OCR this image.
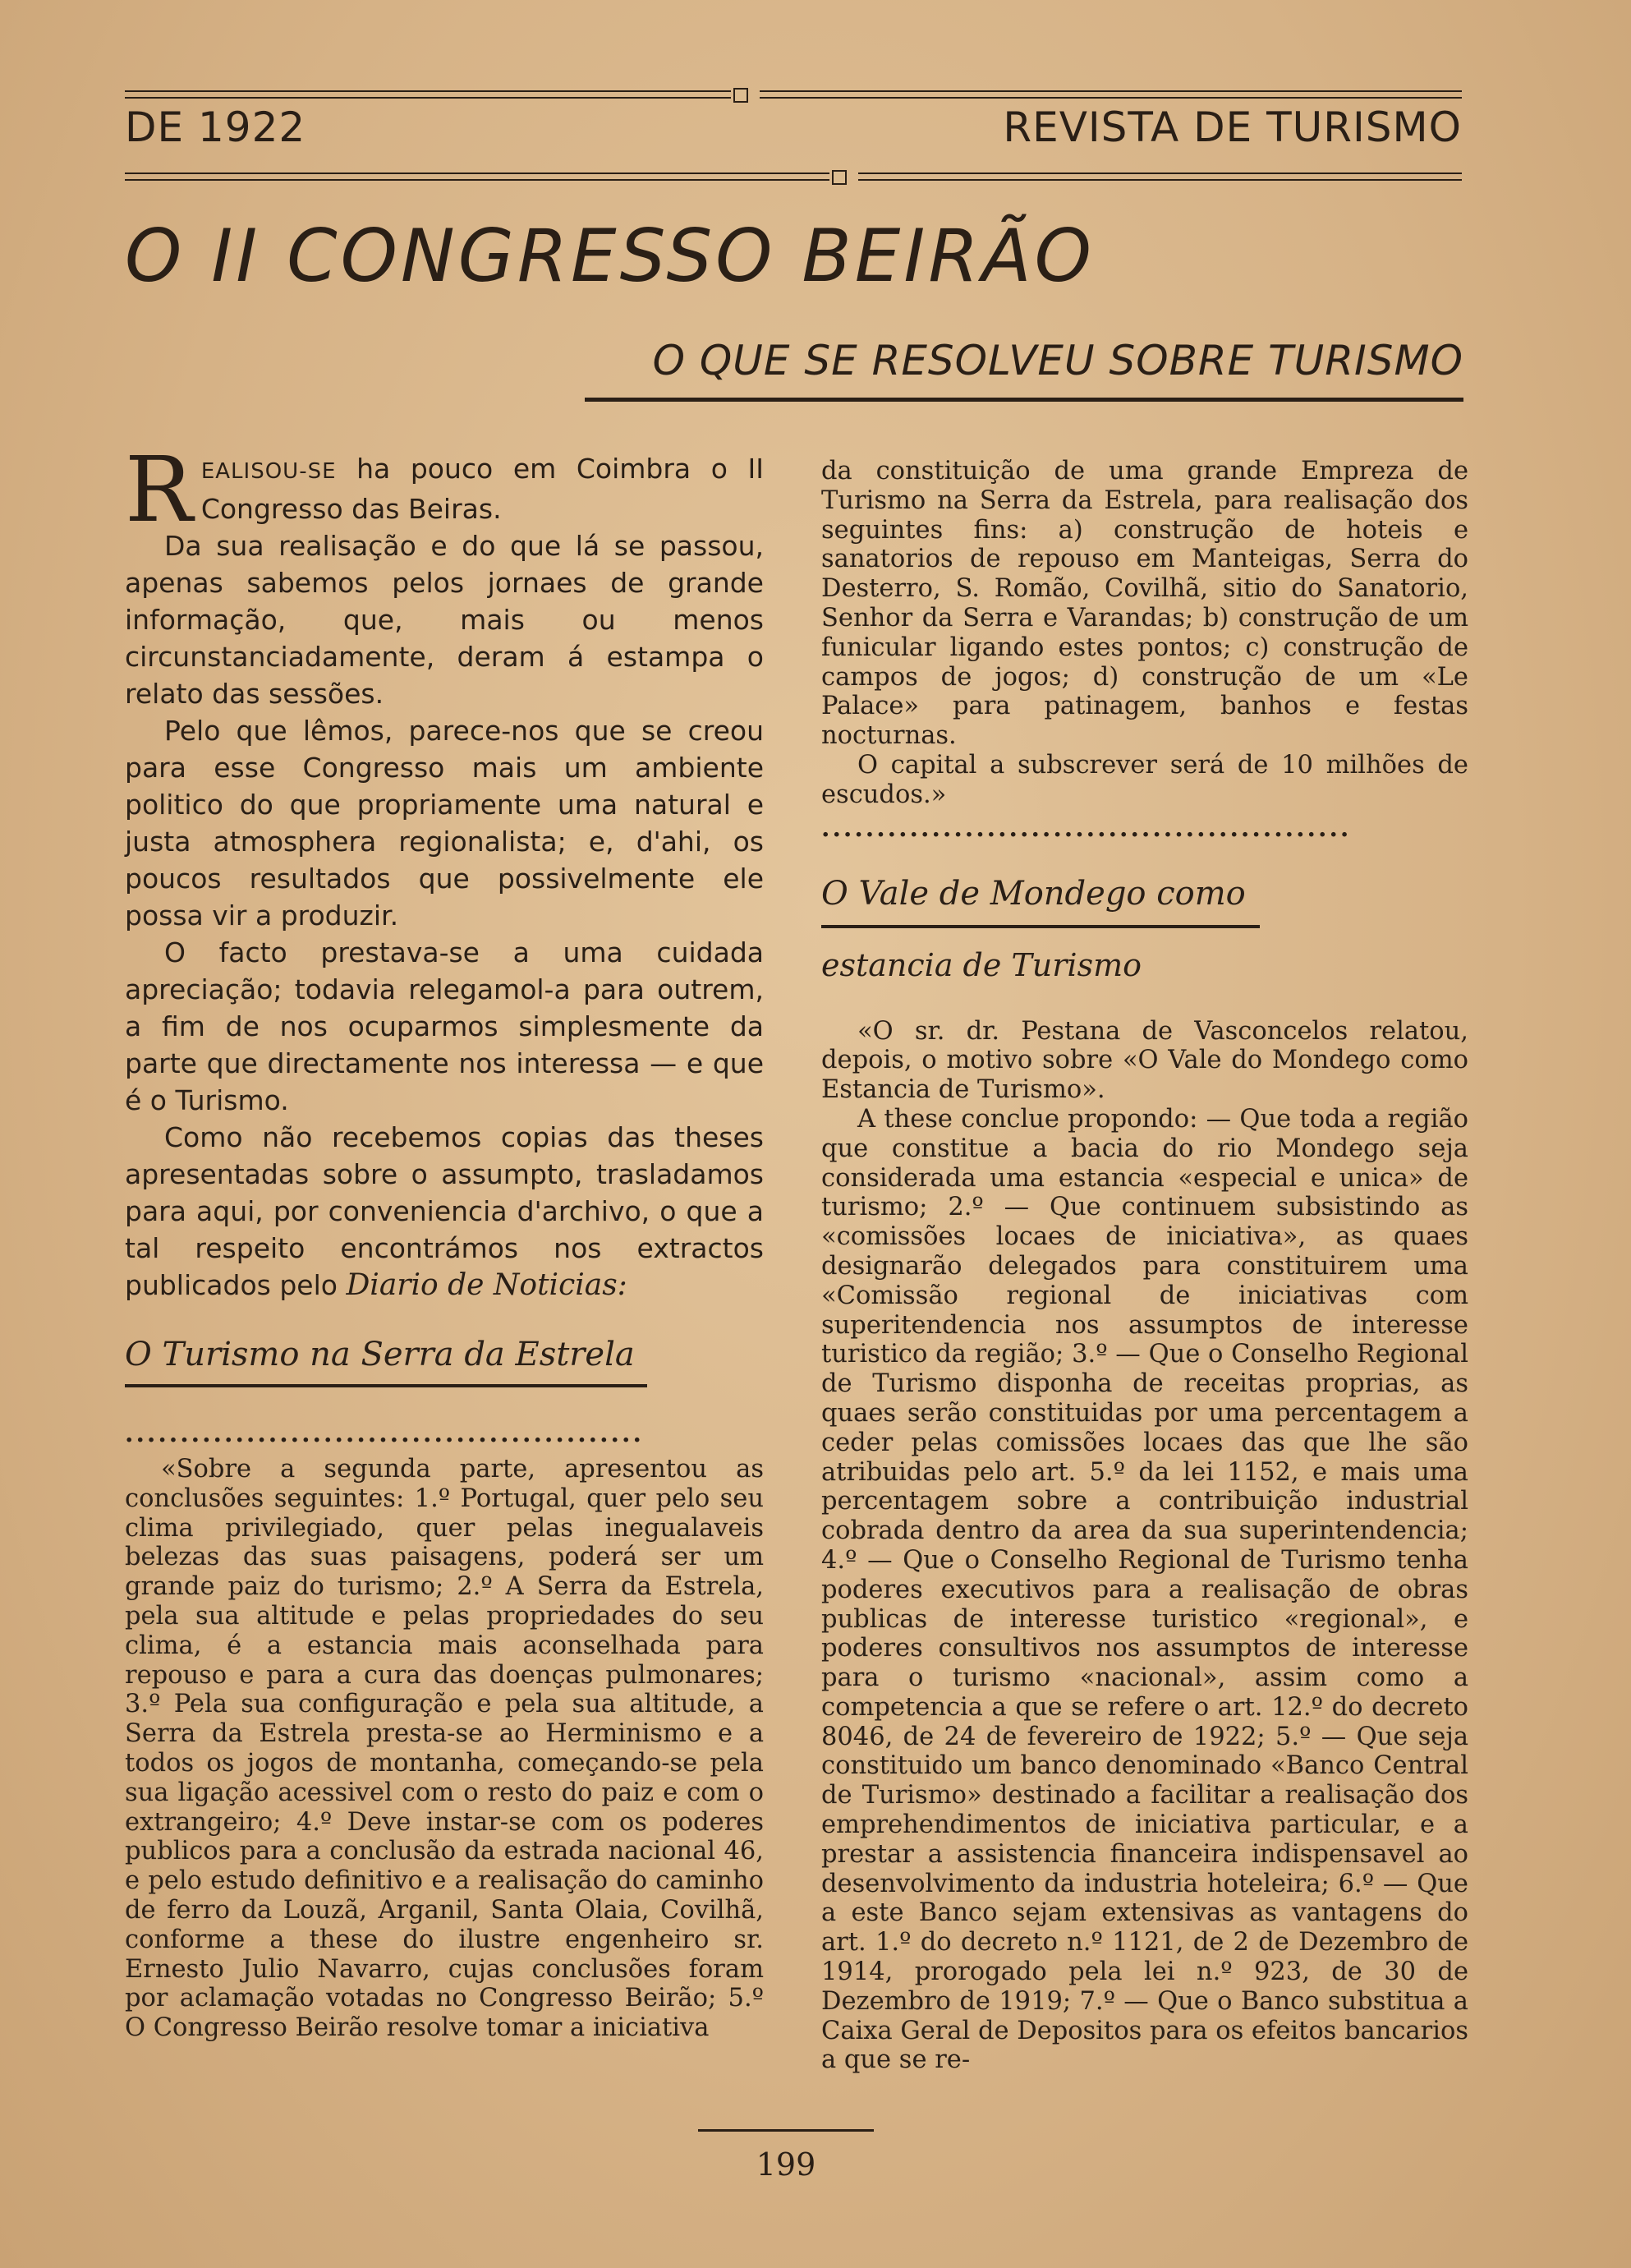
DE 1922	REVISTA DE TURISMO
O II CONGRESSO BEIRÃO
O QUE SE RESOLVEU SOBRE TURISMO

REALISOU-SE ha pouco em Coimbra o II Congresso das Beiras.

Da sua realisação e do que lá se passou, apenas sabemos pelos jornaes de grande informação, que, mais ou menos circunstanciadamente, deram á estampa o relato das sessões.

Pelo que lêmos, parece-nos que se creou para esse Congresso mais um ambiente politico do que propriamente uma natural e justa atmosphera regionalista; e, d'ahi, os poucos resultados que possivelmente ele possa vir a produzir.

O facto prestava-se a uma cuidada apreciação; todavia relegamol-a para outrem, a fim de nos ocuparmos simplesmente da parte que directamente nos interessa — e que é o Turismo.

Como não recebemos copias das theses apresentadas sobre o assumpto, trasladamos para aqui, por conveniencia d'archivo, o que a tal respeito encontrámos nos extractos publicados pelo Diario de Noticias:

O Turismo na Serra da Estrela
...............................................

«Sobre a segunda parte, apresentou as conclusões seguintes: 1.º Portugal, quer pelo seu clima privilegiado, quer pelas inegualaveis belezas das suas paisagens, poderá ser um grande paiz do turismo; 2.º A Serra da Estrela, pela sua altitude e pelas propriedades do seu clima, é a estancia mais aconselhada para repouso e para a cura das doenças pulmonares; 3.º Pela sua configuração e pela sua altitude, a Serra da Estrela presta-se ao Herminismo e a todos os jogos de montanha, começando-se pela sua ligação acessivel com o resto do paiz e com o extrangeiro; 4.º Deve instar-se com os poderes publicos para a conclusão da estrada nacional 46, e pelo estudo definitivo e a realisação do caminho de ferro da Louzã, Arganil, Santa Olaia, Covilhã, conforme a these do ilustre engenheiro sr. Ernesto Julio Navarro, cujas conclusões foram por aclamação votadas no Congresso Beirão; 5.º O Congresso Beirão resolve tomar a iniciativa

da constituição de uma grande Empreza de Turismo na Serra da Estrela, para realisação dos seguintes fins: a) construção de hoteis e sanatorios de repouso em Manteigas, Serra do Desterro, S. Romão, Covilhã, sitio do Sanatorio, Senhor da Serra e Varandas; b) construção de um funicular ligando estes pontos; c) construção de campos de jogos; d) construção de um «Le Palace» para patinagem, banhos e festas nocturnas.

O capital a subscrever será de 10 milhões de escudos.»

................................................
O Vale de Mondego como
estancia de Turismo

«O sr. dr. Pestana de Vasconcelos relatou, depois, o motivo sobre «O Vale do Mondego como Estancia de Turismo».

A these conclue propondo: — Que toda a região que constitue a bacia do rio Mondego seja considerada uma estancia «especial e unica» de turismo; 2.º — Que continuem subsistindo as «comissões locaes de iniciativa», as quaes designarão delegados para constituirem uma «Comissão regional de iniciativas com superitendencia nos assumptos de interesse turistico da região; 3.º — Que o Conselho Regional de Turismo disponha de receitas proprias, as quaes serão constituidas por uma percentagem a ceder pelas comissões locaes das que lhe são atribuidas pelo art. 5.º da lei 1152, e mais uma percentagem sobre a contribuição industrial cobrada dentro da area da sua superintendencia; 4.º — Que o Conselho Regional de Turismo tenha poderes executivos para a realisação de obras publicas de interesse turistico «regional», e poderes consultivos nos assumptos de interesse para o turismo «nacional», assim como a competencia a que se refere o art. 12.º do decreto 8046, de 24 de fevereiro de 1922; 5.º — Que seja constituido um banco denominado «Banco Central de Turismo» destinado a facilitar a realisação dos emprehendimentos de iniciativa particular, e a prestar a assistencia financeira indispensavel ao desenvolvimento da industria hoteleira; 6.º — Que a este Banco sejam extensivas as vantagens do art. 1.º do decreto n.º 1121, de 2 de Dezembro de 1914, prorogado pela lei n.º 923, de 30 de Dezembro de 1919; 7.º — Que o Banco substitua a Caixa Geral de Depositos para os efeitos bancarios a que se re-

199
